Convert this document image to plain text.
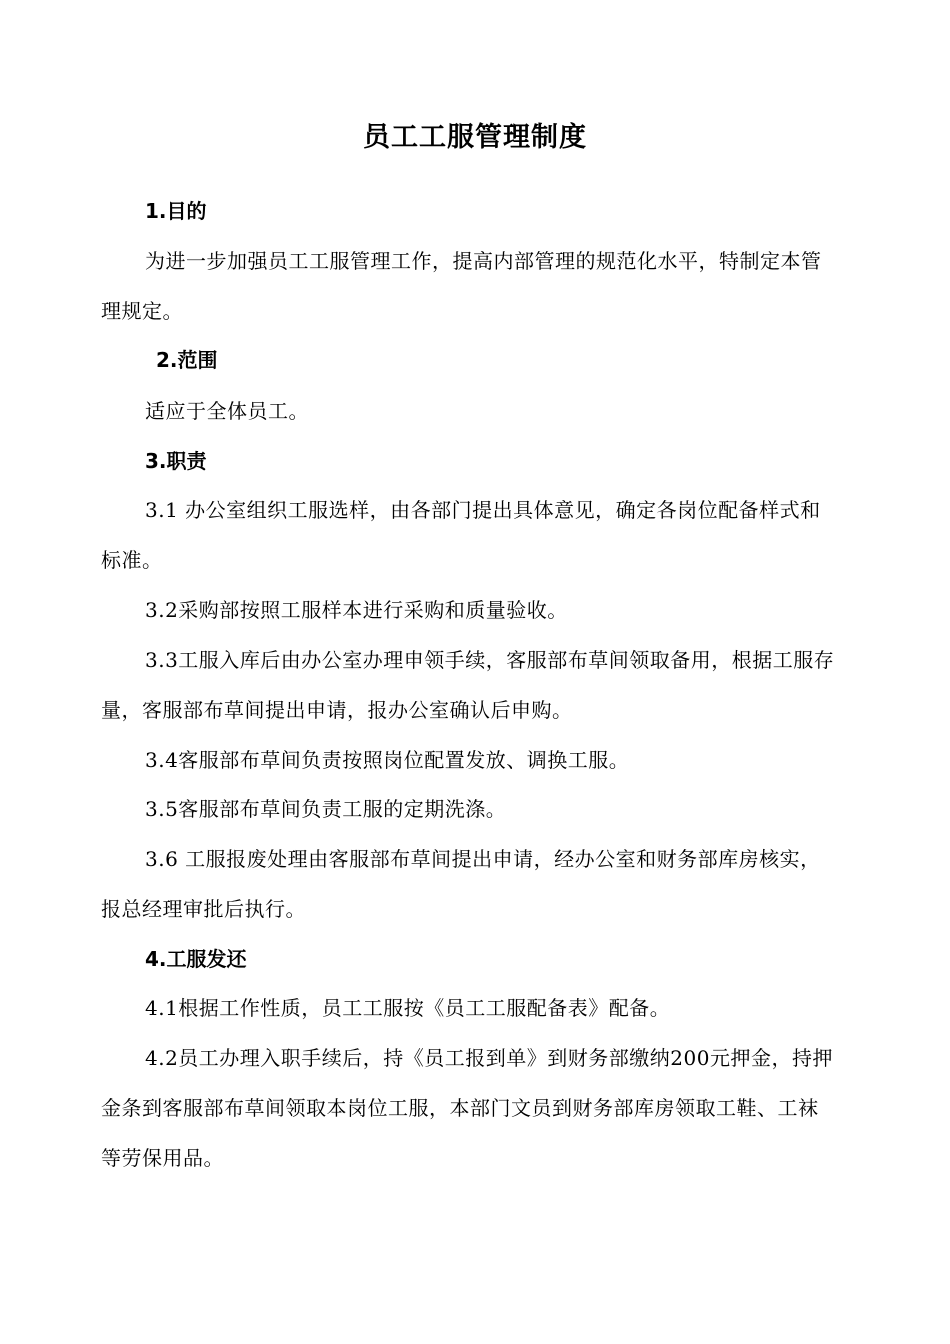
员工工服管理制度
1.目的
为进一步加强员工工服管理工作，提高内部管理的规范化水平，特制定本管理规定。
2.范围
适应于全体员工。
3.职责
3.1 办公室组织工服选样，由各部门提出具体意见，确定各岗位配备样式和标准。
3.2采购部按照工服样本进行采购和质量验收。
3.3工服入库后由办公室办理申领手续，客服部布草间领取备用，根据工服存量，客服部布草间提出申请，报办公室确认后申购。
3.4客服部布草间负责按照岗位配置发放、调换工服。
3.5客服部布草间负责工服的定期洗涤。
3.6 工服报废处理由客服部布草间提出申请，经办公室和财务部库房核实，报总经理审批后执行。
4.工服发还
4.1根据工作性质，员工工服按《员工工服配备表》配备。
4.2员工办理入职手续后，持《员工报到单》到财务部缴纳200元押金，持押金条到客服部布草间领取本岗位工服，本部门文员到财务部库房领取工鞋、工袜等劳保用品。
